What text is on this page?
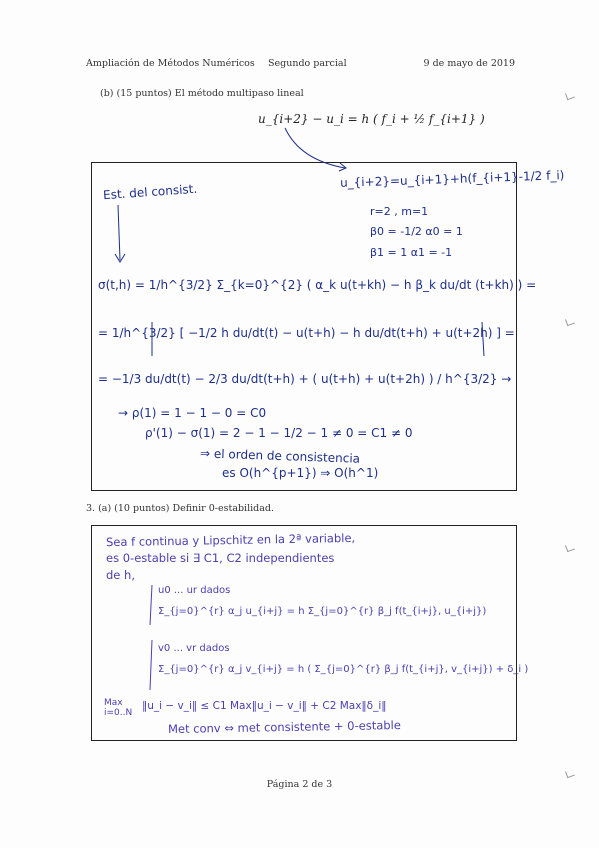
Ampliación de Métodos Numéricos Segundo parcial	9 de mayo de 2019
(b) (15 puntos) El método multipaso lineal
u_{i+2} − u_i = h ( f_i + ½ f_{i+1} )
Est. del consist.
u_{i+2}=u_{i+1}+h(f_{i+1}-1/2 f_i)
r=2 , m=1
β0 = -1/2 α0 = 1
β1 = 1 α1 = -1
σ(t,h) = 1/h^{3/2} Σ_{k=0}^{2} ( α_k u(t+kh) − h β_k du/dt (t+kh) ) =
= 1/h^{3/2} [ −1/2 h du/dt(t) − u(t+h) − h du/dt(t+h) + u(t+2h) ] =
= −1/3 du/dt(t) − 2/3 du/dt(t+h) + ( u(t+h) + u(t+2h) ) / h^{3/2} →
→ ρ(1) = 1 − 1 − 0 = C0
ρ'(1) − σ(1) = 2 − 1 − 1/2 − 1 ≠ 0 = C1 ≠ 0
⇒ el orden de consistencia
es O(h^{p+1}) ⇒ O(h^1)
3. (a) (10 puntos) Definir 0-estabilidad.
Sea f continua y Lipschitz en la 2ª variable,
es 0-estable si ∃ C1, C2 independientes
de h,
u0 ... ur dados
Σ_{j=0}^{r} α_j u_{i+j} = h Σ_{j=0}^{r} β_j f(t_{i+j}, u_{i+j})
v0 ... vr dados
Σ_{j=0}^{r} α_j v_{i+j} = h ( Σ_{j=0}^{r} β_j f(t_{i+j}, v_{i+j}) + δ_i )
Max
i=0..N
‖u_i − v_i‖ ≤ C1 Max‖u_i − v_i‖ + C2 Max‖δ_i‖
Met conv ⇔ met consistente + 0-estable
Página 2 de 3
